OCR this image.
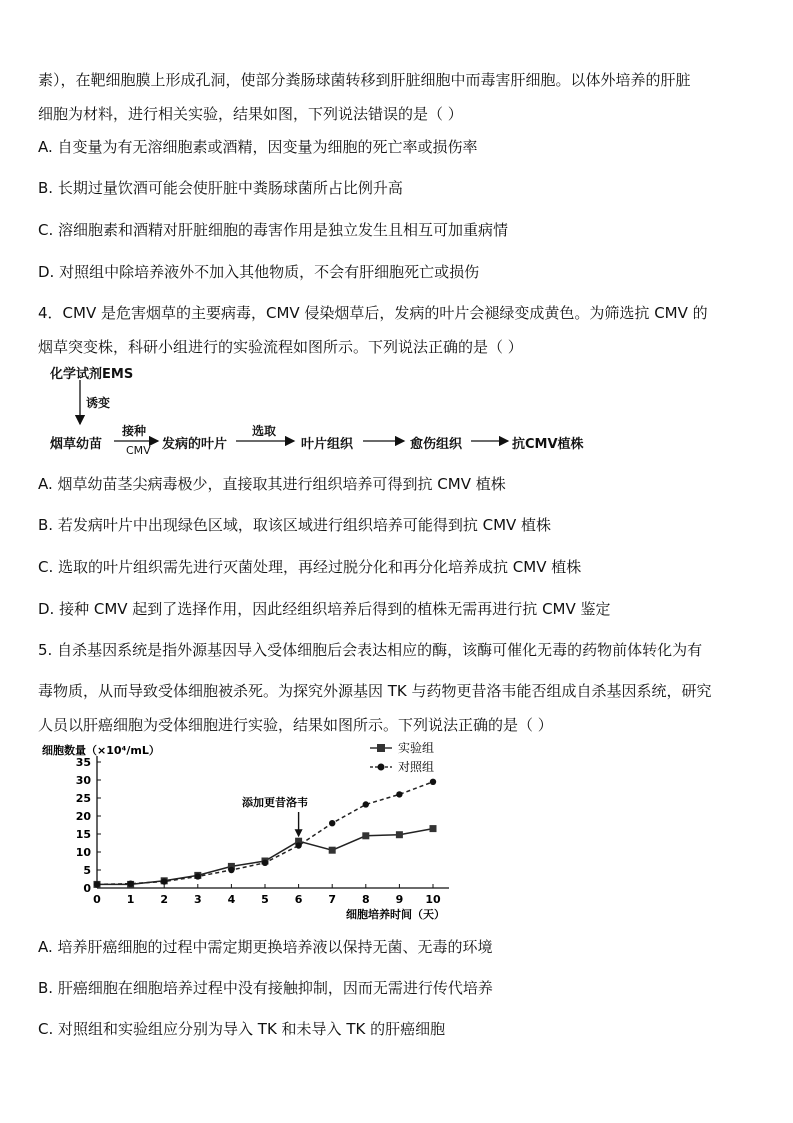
素），在靶细胞膜上形成孔洞，使部分粪肠球菌转移到肝脏细胞中而毒害肝细胞。以体外培养的肝脏
细胞为材料，进行相关实验，结果如图，下列说法错误的是（ ）
A. 自变量为有无溶细胞素或酒精，因变量为细胞的死亡率或损伤率
B. 长期过量饮酒可能会使肝脏中粪肠球菌所占比例升高
C. 溶细胞素和酒精对肝脏细胞的毒害作用是独立发生且相互可加重病情
D. 对照组中除培养液外不加入其他物质，不会有肝细胞死亡或损伤
4．CMV 是危害烟草的主要病毒，CMV 侵染烟草后，发病的叶片会褪绿变成黄色。为筛选抗 CMV 的
烟草突变株，科研小组进行的实验流程如图所示。下列说法正确的是（ ）
化学试剂EMS
诱变
烟草幼苗
接种
CMV 发病的叶片
选取
叶片组织	愈伤组织	抗CMV植株
A. 烟草幼苗茎尖病毒极少，直接取其进行组织培养可得到抗 CMV 植株
B. 若发病叶片中出现绿色区域，取该区域进行组织培养可能得到抗 CMV 植株
C. 选取的叶片组织需先进行灭菌处理，再经过脱分化和再分化培养成抗 CMV 植株
D. 接种 CMV 起到了选择作用，因此经组织培养后得到的植株无需再进行抗 CMV 鉴定
5. 自杀基因系统是指外源基因导入受体细胞后会表达相应的酶，该酶可催化无毒的药物前体转化为有
毒物质，从而导致受体细胞被杀死。为探究外源基因 TK 与药物更昔洛韦能否组成自杀基因系统，研究
人员以肝癌细胞为受体细胞进行实验，结果如图所示。下列说法正确的是（ ）
0
5
10
15
20
25
30
35
0 1 2 3 4 5 6 7 8 9 10
细胞数量（×10⁴/mL）
细胞培养时间（天）
添加更昔洛韦
实验组
对照组
A. 培养肝癌细胞的过程中需定期更换培养液以保持无菌、无毒的环境
B. 肝癌细胞在细胞培养过程中没有接触抑制，因而无需进行传代培养
C. 对照组和实验组应分别为导入 TK 和未导入 TK 的肝癌细胞
